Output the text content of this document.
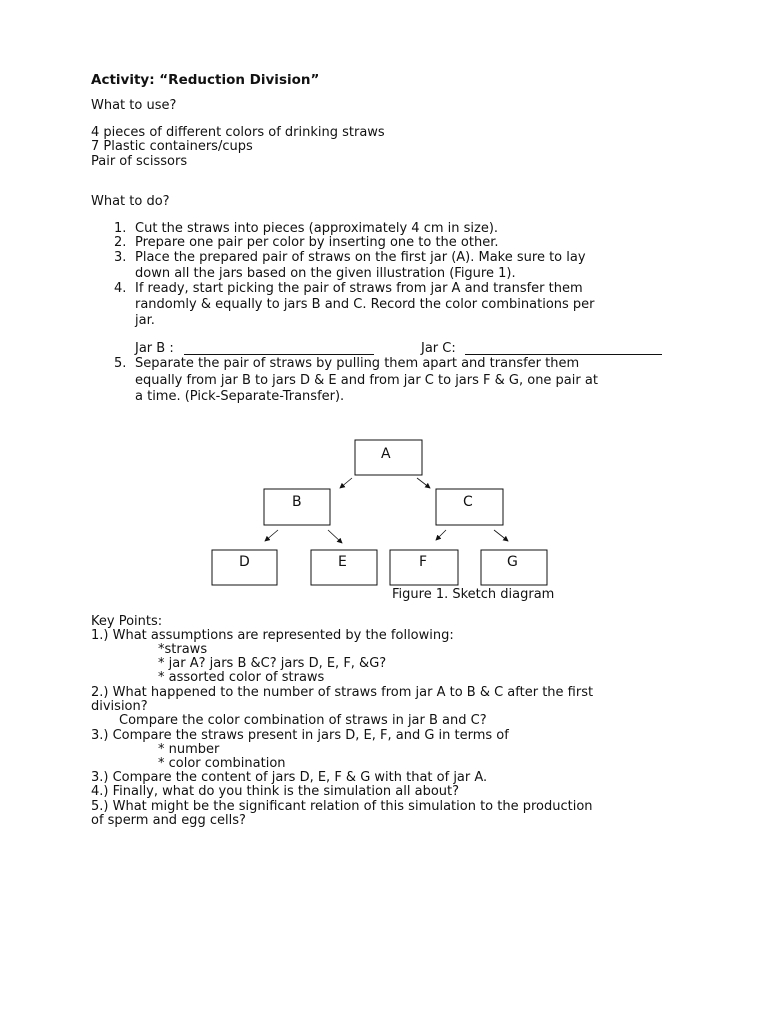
Activity: “Reduction Division”
What to use?
4 pieces of different colors of drinking straws
7 Plastic containers/cups
Pair of scissors
What to do?
1. Cut the straws into pieces (approximately 4 cm in size).
2. Prepare one pair per color by inserting one to the other.
3. Place the prepared pair of straws on the first jar (A). Make sure to lay
down all the jars based on the given illustration (Figure 1).
4. If ready, start picking the pair of straws from jar A and transfer them
randomly & equally to jars B and C. Record the color combinations per
jar.
Jar B :	Jar C:
5. Separate the pair of straws by pulling them apart and transfer them
equally from jar B to jars D & E and from jar C to jars F & G, one pair at
a time. (Pick-Separate-Transfer).
A
B	C
D	E	F	G
Figure 1. Sketch diagram
Key Points:
1.) What assumptions are represented by the following:
*straws
* jar A? jars B &C? jars D, E, F, &G?
* assorted color of straws
2.) What happened to the number of straws from jar A to B & C after the first
division?
Compare the color combination of straws in jar B and C?
3.) Compare the straws present in jars D, E, F, and G in terms of
* number
* color combination
3.) Compare the content of jars D, E, F & G with that of jar A.
4.) Finally, what do you think is the simulation all about?
5.) What might be the significant relation of this simulation to the production
of sperm and egg cells?
